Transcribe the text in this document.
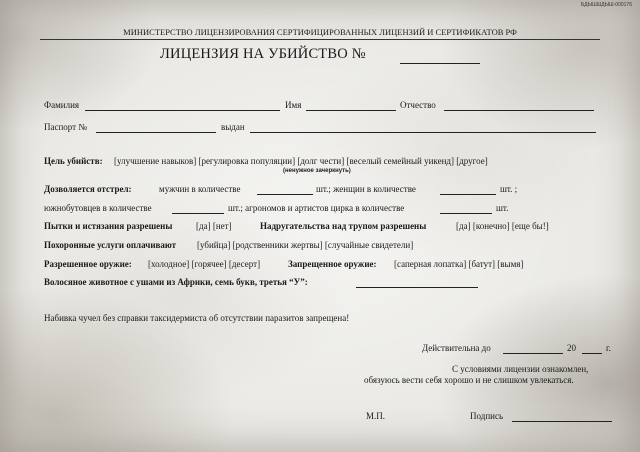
БДЫШШДЫШ-000176
МИНИСТЕРСТВО ЛИЦЕНЗИРОВАНИЯ СЕРТИФИЦИРОВАННЫХ ЛИЦЕНЗИЙ И СЕРТИФИКАТОВ РФ
ЛИЦЕНЗИЯ НА УБИЙСТВО №
Фамилия	Имя	Отчество
Паспорт №	выдан
Цель убийств: [улучшение навыков] [регулировка популяции] [долг чести] [веселый семейный уикенд] [другое]
(ненужное зачеркнуть)
Дозволяется отстрел:	мужчин в количестве	шт.; женщин в количестве	шт. ;
южнобутовцев в количестве	шт.; агрономов и артистов цирка в количестве	шт.
Пытки и истязания разрешены	[да] [нет]	Надругательства над трупом разрешены	[да] [конечно] [еще бы!]
Похоронные услуги оплачивают [убийца] [родственники жертвы] [случайные свидетели]
Разрешенное оружие: [холодное] [горячее] [десерт]	Запрещенное оружие: [саперная лопатка] [батут] [вымя]
Волосяное животное с ушами из Африки, семь букв, третья “У”:
Набивка чучел без справки таксидермиста об отсутствии паразитов запрещена!
Действительна до	20	г.
С условиями лицензии ознакомлен,
обязуюсь вести себя хорошо и не слишком увлекаться.
М.П.	Подпись
